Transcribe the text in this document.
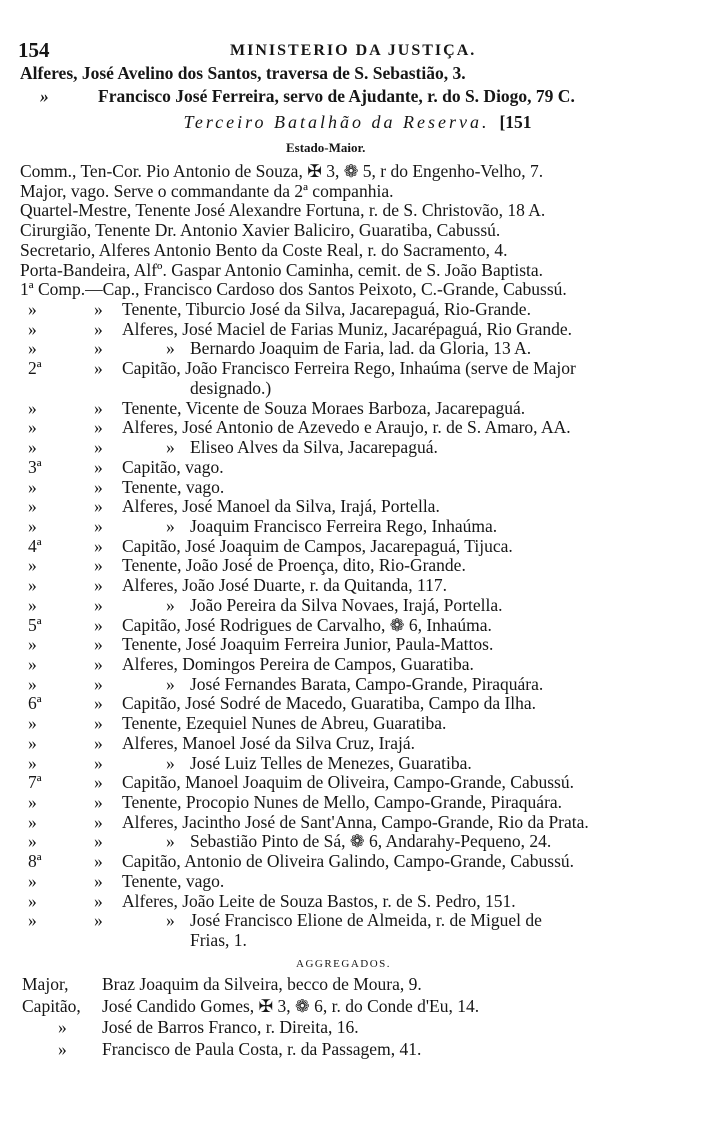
154	MINISTERIO DA JUSTIÇA.
Alferes, José Avelino dos Santos, traversa de S. Sebastião, 3.
»	Francisco José Ferreira, servo de Ajudante, r. do S. Diogo, 79 C.
Terceiro Batalhão da Reserva. [151
Estado-Maior.
Comm., Ten-Cor. Pio Antonio de Souza, ✠ 3, ❁ 5, r do Engenho-Velho, 7.
Major, vago. Serve o commandante da 2ª companhia.
Quartel-Mestre, Tenente José Alexandre Fortuna, r. de S. Christovão, 18 A.
Cirurgião, Tenente Dr. Antonio Xavier Baliciro, Guaratiba, Cabussú.
Secretario, Alferes Antonio Bento da Coste Real, r. do Sacramento, 4.
Porta-Bandeira, Alfº. Gaspar Antonio Caminha, cemit. de S. João Baptista.
1ª Comp.—Cap., Francisco Cardoso dos Santos Peixoto, C.-Grande, Cabussú.
»	» Tenente, Tiburcio José da Silva, Jacarepaguá, Rio-Grande.
»	» Alferes, José Maciel de Farias Muniz, Jacarépaguá, Rio Grande.
»	»	» Bernardo Joaquim de Faria, lad. da Gloria, 13 A.
2ª	» Capitão, João Francisco Ferreira Rego, Inhaúma (serve de Major
designado.)
»	» Tenente, Vicente de Souza Moraes Barboza, Jacarepaguá.
»	» Alferes, José Antonio de Azevedo e Araujo, r. de S. Amaro, AA.
»	»	» Eliseo Alves da Silva, Jacarepaguá.
3ª	» Capitão, vago.
»	» Tenente, vago.
»	» Alferes, José Manoel da Silva, Irajá, Portella.
»	»	» Joaquim Francisco Ferreira Rego, Inhaúma.
4ª	» Capitão, José Joaquim de Campos, Jacarepaguá, Tijuca.
»	» Tenente, João José de Proença, dito, Rio-Grande.
»	» Alferes, João José Duarte, r. da Quitanda, 117.
»	»	» João Pereira da Silva Novaes, Irajá, Portella.
5ª	» Capitão, José Rodrigues de Carvalho, ❁ 6, Inhaúma.
»	» Tenente, José Joaquim Ferreira Junior, Paula-Mattos.
»	» Alferes, Domingos Pereira de Campos, Guaratiba.
»	»	» José Fernandes Barata, Campo-Grande, Piraquára.
6ª	» Capitão, José Sodré de Macedo, Guaratiba, Campo da Ilha.
»	» Tenente, Ezequiel Nunes de Abreu, Guaratiba.
»	» Alferes, Manoel José da Silva Cruz, Irajá.
»	»	» José Luiz Telles de Menezes, Guaratiba.
7ª	» Capitão, Manoel Joaquim de Oliveira, Campo-Grande, Cabussú.
»	» Tenente, Procopio Nunes de Mello, Campo-Grande, Piraquára.
»	» Alferes, Jacintho José de Sant'Anna, Campo-Grande, Rio da Prata.
»	»	» Sebastião Pinto de Sá, ❁ 6, Andarahy-Pequeno, 24.
8ª	» Capitão, Antonio de Oliveira Galindo, Campo-Grande, Cabussú.
»	» Tenente, vago.
»	» Alferes, João Leite de Souza Bastos, r. de S. Pedro, 151.
»	»	» José Francisco Elione de Almeida, r. de Miguel de
Frias, 1.
AGGREGADOS.
Major, Braz Joaquim da Silveira, becco de Moura, 9.
Capitão, José Candido Gomes, ✠ 3, ❁ 6, r. do Conde d'Eu, 14.
» José de Barros Franco, r. Direita, 16.
» Francisco de Paula Costa, r. da Passagem, 41.
